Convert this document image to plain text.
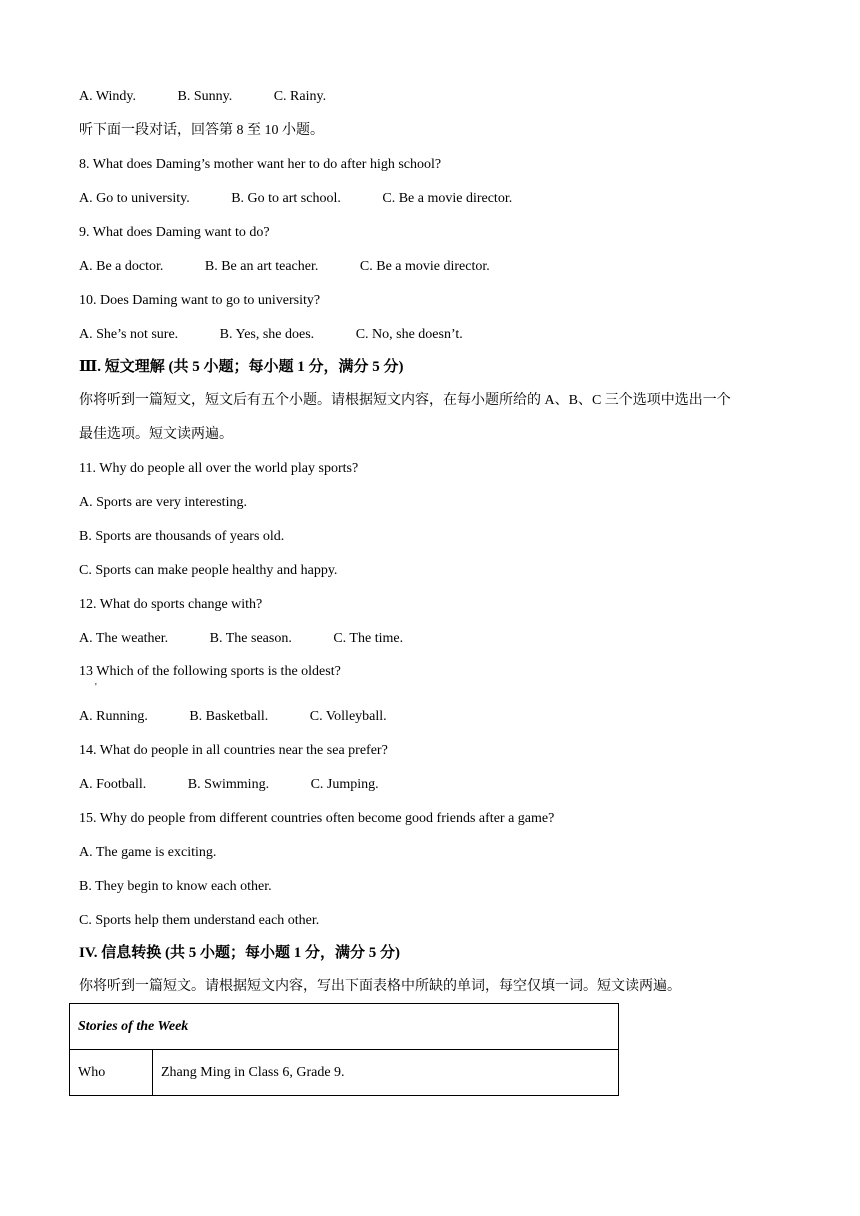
A. Windy.	B. Sunny.	C. Rainy.
听下面一段对话，回答第 8 至 10 小题。
8. What does Daming’s mother want her to do after high school?
A. Go to university.	B. Go to art school.	C. Be a movie director.
9. What does Daming want to do?
A. Be a doctor.	B. Be an art teacher.	C. Be a movie director.
10. Does Daming want to go to university?
A. She’s not sure.	B. Yes, she does.	C. No, she doesn’t.
Ⅲ. 短文理解 (共 5 小题；每小题 1 分，满分 5 分)
你将听到一篇短文，短文后有五个小题。请根据短文内容，在每小题所给的 A、B、C 三个选项中选出一个
最佳选项。短文读两遍。
11. Why do people all over the world play sports?
A. Sports are very interesting.
B. Sports are thousands of years old.
C. Sports can make people healthy and happy.
12. What do sports change with?
A. The weather.	B. The season.	C. The time.
13 Which of the following sports is the oldest?
'
A. Running.	B. Basketball.	C. Volleyball.
14. What do people in all countries near the sea prefer?
A. Football.	B. Swimming.	C. Jumping.
15. Why do people from different countries often become good friends after a game?
A. The game is exciting.
B. They begin to know each other.
C. Sports help them understand each other.
IV. 信息转换 (共 5 小题；每小题 1 分，满分 5 分)
你将听到一篇短文。请根据短文内容，写出下面表格中所缺的单词，每空仅填一词。短文读两遍。
Stories of the Week
Who	Zhang Ming in Class 6, Grade 9.
